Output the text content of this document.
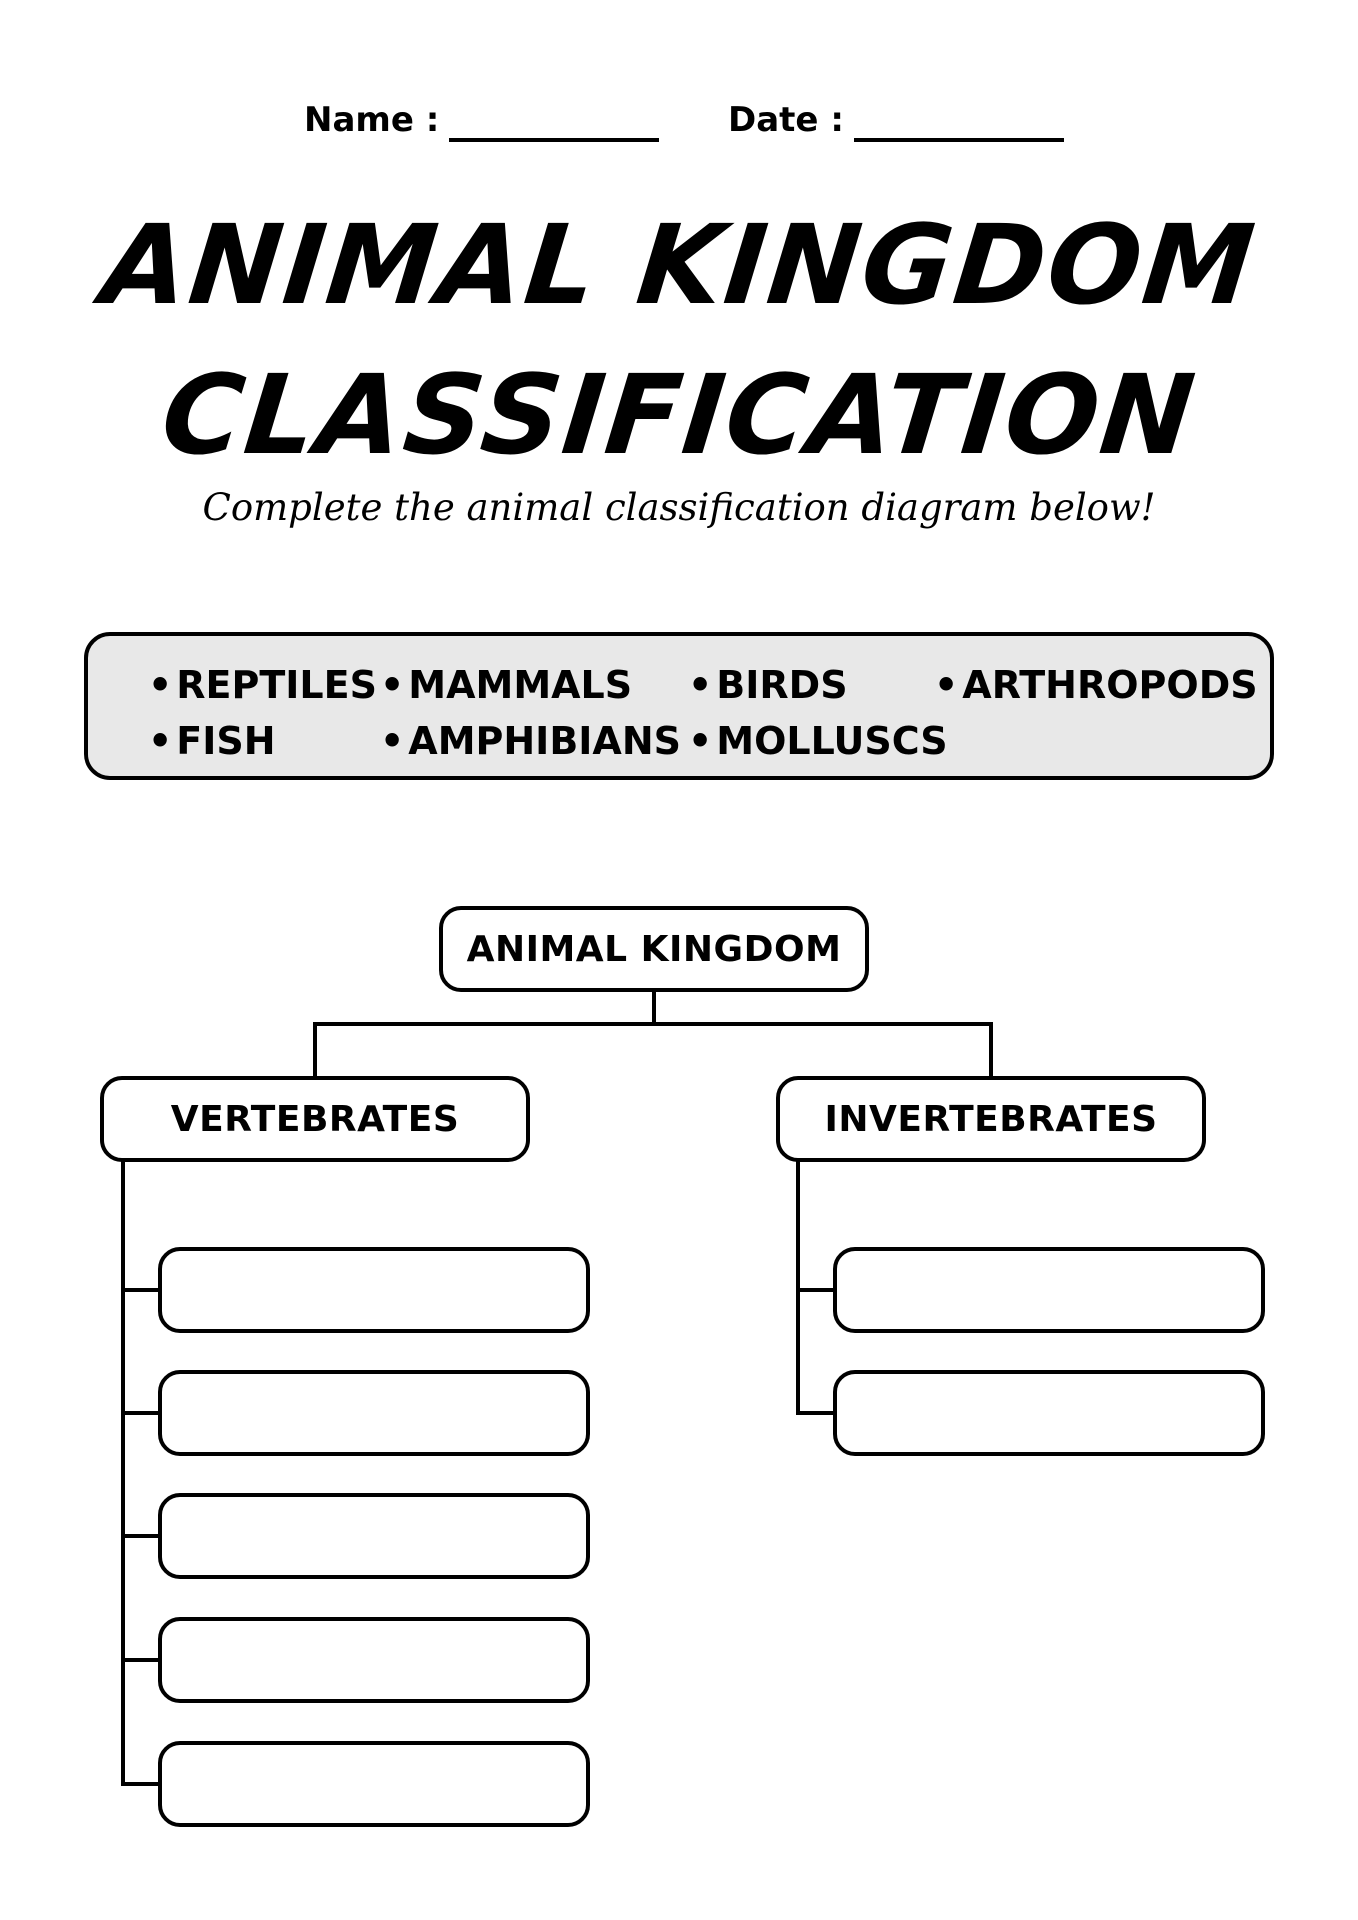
Name :	Date :
ANIMAL KINGDOM
CLASSIFICATION
Complete the animal classification diagram below!
• REPTILES • MAMMALS • BIRDS • ARTHROPODS
• FISH	• AMPHIBIANS • MOLLUSCS
ANIMAL KINGDOM
VERTEBRATES	INVERTEBRATES
